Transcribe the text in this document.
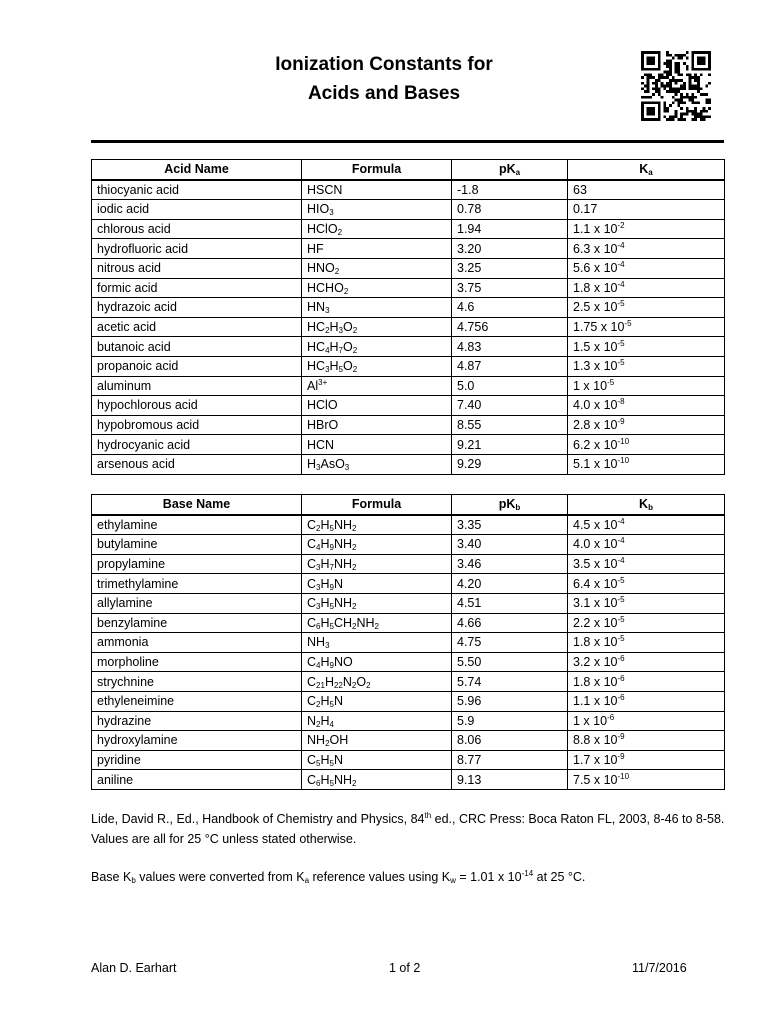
Ionization Constants for
Acids and Bases
Acid Name	Formula	$pK_a$	$K_a$
thiocyanic acid	HSCN	-1.8	63
iodic acid	$HIO_3$	0.78	0.17
chlorous acid	HClO$_2$	1.94	1.1 x $10^{-2}$
hydrofluoric acid	HF	3.20	6.3 x $10^{-4}$
nitrous acid	$HNO_2$	3.25	5.6 x $10^{-4}$
formic acid	$HCHO_2$	3.75	1.8 x $10^{-4}$
hydrazoic acid	$HN_3$	4.6	2.5 x $10^{-5}$
acetic acid	$HC_2H_3O_2$	4.756	1.75 x $10^{-5}$
butanoic acid	$HC_4H_7O_2$	4.83	1.5 x $10^{-5}$
propanoic acid	$HC_3H_5O_2$	4.87	1.3 x $10^{-5}$
aluminum	$Al^{3+}$	5.0	1 x $10^{-5}$
hypochlorous acid	HClO	7.40	4.0 x $10^{-8}$
hypobromous acid	HBrO	8.55	2.8 x $10^{-9}$
hydrocyanic acid	HCN	9.21	6.2 x $10^{-10}$
arsenous acid	$H_3AsO_3$	9.29	5.1 x $10^{-10}$
Base Name	Formula	$pK_b$	$K_b$
ethylamine	$C_2H_5NH_2$	3.35	4.5 x $10^{-4}$
butylamine	$C_4H_9NH_2$	3.40	4.0 x $10^{-4}$
propylamine	$C_3H_7NH_2$	3.46	3.5 x $10^{-4}$
trimethylamine	$C_3H_9N$	4.20	6.4 x $10^{-5}$
allylamine	$C_3H_5NH_2$	4.51	3.1 x $10^{-5}$
benzylamine	$C_6H_5CH_2NH_2$	4.66	2.2 x $10^{-5}$
ammonia	$NH_3$	4.75	1.8 x $10^{-5}$
morpholine	$C_4H_9NO$	5.50	3.2 x $10^{-6}$
strychnine	$C_{21}H_{22}N_2O_2$	5.74	1.8 x $10^{-6}$
ethyleneimine	$C_2H_5N$	5.96	1.1 x $10^{-6}$
hydrazine	$N_2H_4$	5.9	1 x $10^{-6}$
hydroxylamine	$NH_2OH$	8.06	8.8 x $10^{-9}$
pyridine	$C_5H_5N$	8.77	1.7 x $10^{-9}$
aniline	$C_6H_5NH_2$	9.13	7.5 x $10^{-10}$
Lide, David R., Ed., Handbook of Chemistry and Physics, 84th ed., CRC Press: Boca Raton FL, 2003, 8-46 to 8-58. Values are all for 25 °C unless stated otherwise.
Base $K_b$ values were converted from $K_a$ reference values using $K_w = 1.01$ x $10^{-14}$ at 25 °C.
Alan D. Earhart	1 of 2	11/7/2016
